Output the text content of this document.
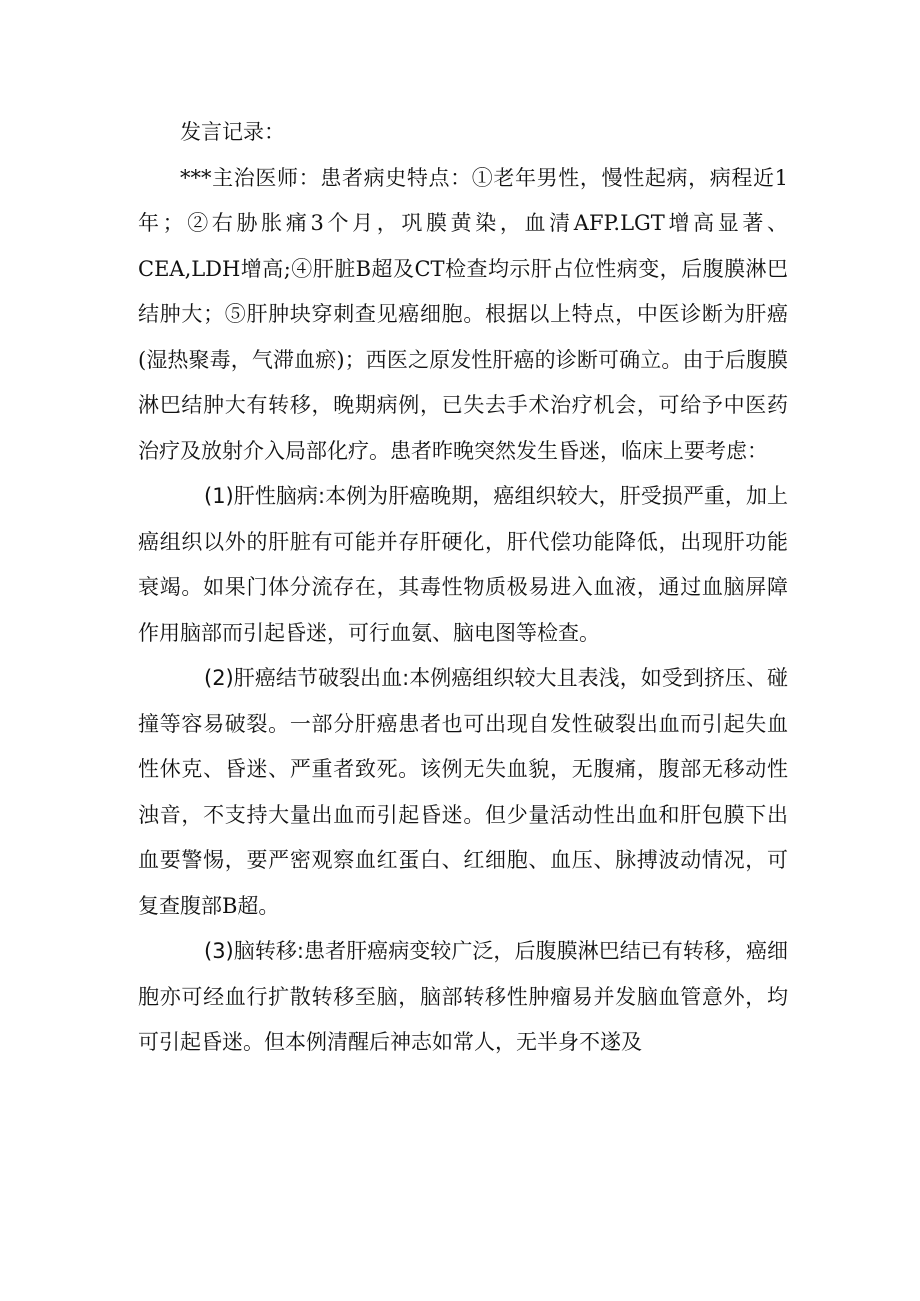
发言记录：

***主治医师：患者病史特点：①老年男性，慢性起病，病程近1年；②右胁胀痛3个月，巩膜黄染，血清AFP.LGT增高显著、CEA,LDH增高;④肝脏B超及CT检查均示肝占位性病变，后腹膜淋巴结肿大；⑤肝肿块穿刺查见癌细胞。根据以上特点，中医诊断为肝癌(湿热聚毒，气滞血瘀)；西医之原发性肝癌的诊断可确立。由于后腹膜淋巴结肿大有转移，晚期病例，已失去手术治疗机会，可给予中医药治疗及放射介入局部化疗。患者昨晚突然发生昏迷，临床上要考虑：

(1)肝性脑病:本例为肝癌晚期，癌组织较大，肝受损严重，加上癌组织以外的肝脏有可能并存肝硬化，肝代偿功能降低，出现肝功能衰竭。如果门体分流存在，其毒性物质极易进入血液，通过血脑屏障作用脑部而引起昏迷，可行血氨、脑电图等检查。

(2)肝癌结节破裂出血:本例癌组织较大且表浅，如受到挤压、碰撞等容易破裂。一部分肝癌患者也可出现自发性破裂出血而引起失血性休克、昏迷、严重者致死。该例无失血貌，无腹痛，腹部无移动性浊音，不支持大量出血而引起昏迷。但少量活动性出血和肝包膜下出血要警惕，要严密观察血红蛋白、红细胞、血压、脉搏波动情况，可复查腹部B超。

(3)脑转移:患者肝癌病变较广泛，后腹膜淋巴结已有转移，癌细胞亦可经血行扩散转移至脑，脑部转移性肿瘤易并发脑血管意外，均可引起昏迷。但本例清醒后神志如常人，无半身不遂及
